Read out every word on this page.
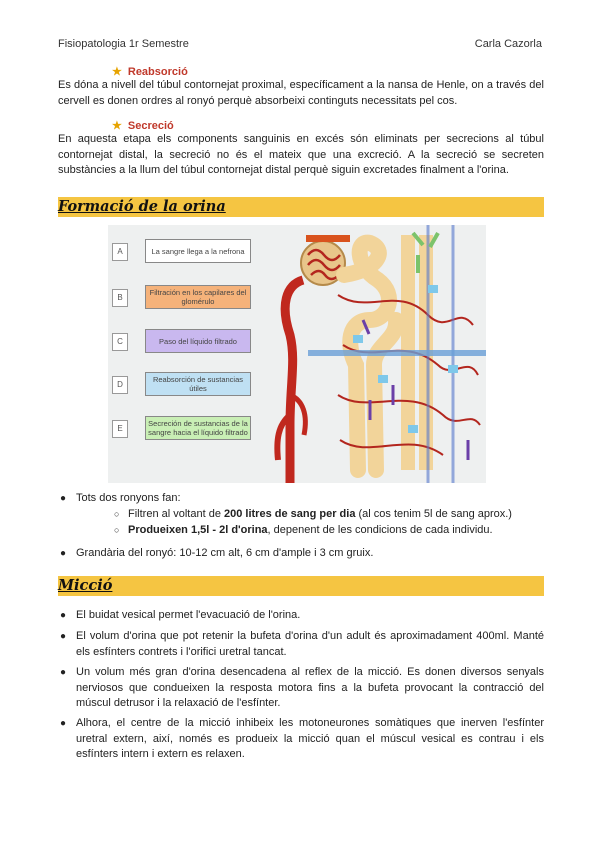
Fisiopatologia 1r Semestre	Carla Cazorla
★ Reabsorció
Es dóna a nivell del túbul contornejat proximal, específicament a la nansa de Henle, on a través del cervell es donen ordres al ronyó perquè absorbeixi continguts necessitats pel cos.
★ Secreció
En aquesta etapa els components sanguinis en excés són eliminats per secrecions al túbul contornejat distal, la secreció no és el mateix que una excreció. A la secreció se secreten substàncies a la llum del túbul contornejat distal perquè siguin excretades finalment a l'orina.
Formació de la orina
A	La sangre llega a la nefrona
B
Filtración en los capilares del glomérulo
C	Paso del líquido filtrado
D
Reabsorción de sustancias útiles
E
Secreción de sustancias de la sangre hacia el líquido filtrado
● Tots dos ronyons fan:
○ Filtren al voltant de 200 litres de sang per dia (al cos tenim 5l de sang aprox.)
○ Produeixen 1,5l - 2l d'orina, depenent de les condicions de cada individu.
● Grandària del ronyó: 10-12 cm alt, 6 cm d'ample i 3 cm gruix.
Micció
● El buidat vesical permet l'evacuació de l'orina.
● El volum d'orina que pot retenir la bufeta d'orina d'un adult és aproximadament 400ml. Manté els esfínters contrets i l'orifici uretral tancat.
● Un volum més gran d'orina desencadena al reflex de la micció. Es donen diversos senyals nerviosos que condueixen la resposta motora fins a la bufeta provocant la contracció del múscul detrusor i la relaxació de l'esfínter.
● Alhora, el centre de la micció inhibeix les motoneurones somàtiques que inerven l'esfínter uretral extern, així, només es produeix la micció quan el múscul vesical es contrau i els esfínters intern i extern es relaxen.
